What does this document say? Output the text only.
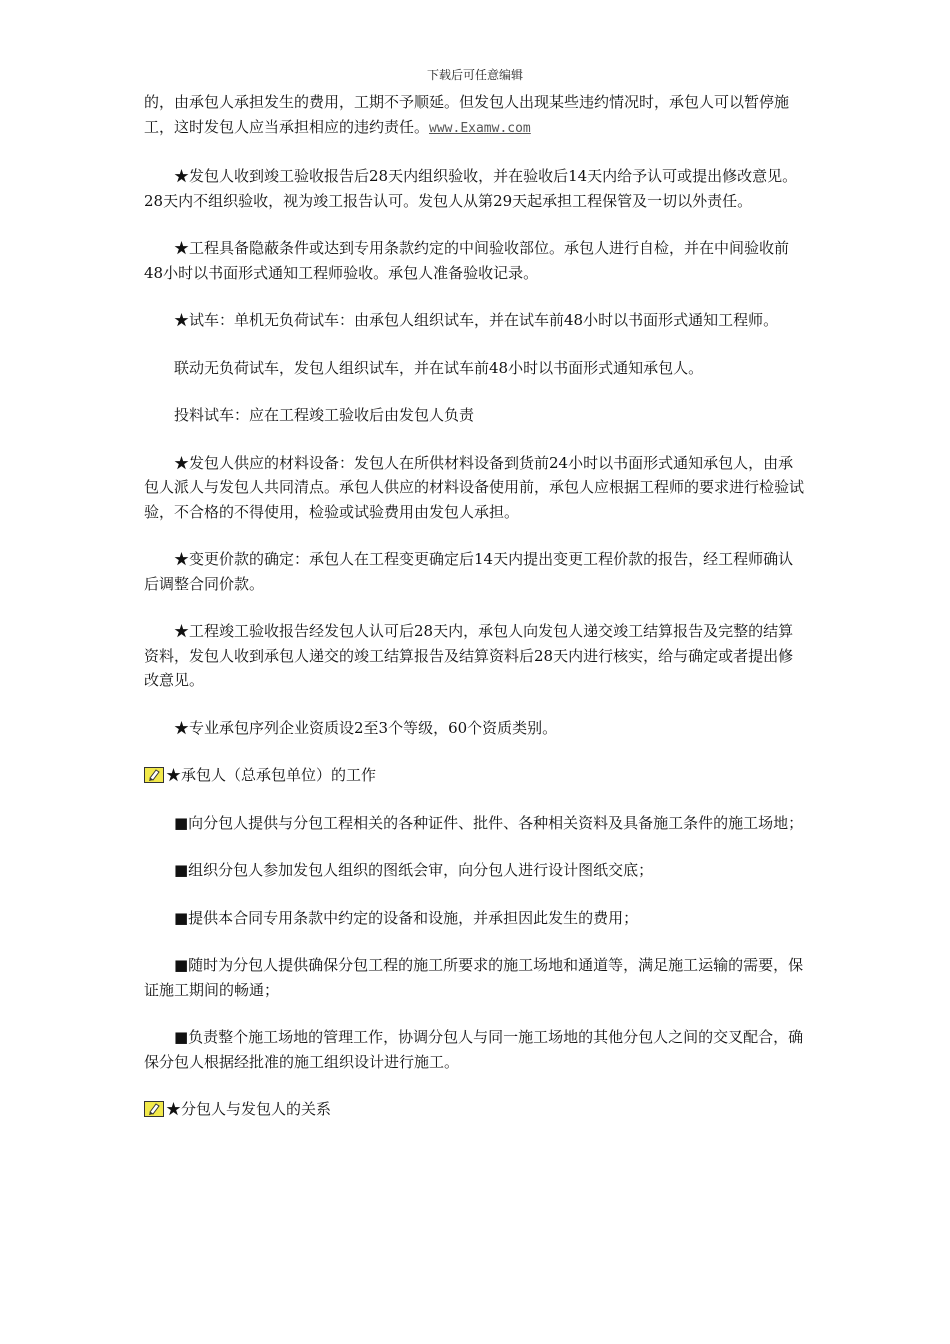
下载后可任意编辑

的，由承包人承担发生的费用，工期不予顺延。但发包人出现某些违约情况时，承包人可以暂停施工，这时发包人应当承担相应的违约责任。www.Examw.com

★发包人收到竣工验收报告后28天内组织验收，并在验收后14天内给予认可或提出修改意见。28天内不组织验收，视为竣工报告认可。发包人从第29天起承担工程保管及一切以外责任。

★工程具备隐蔽条件或达到专用条款约定的中间验收部位。承包人进行自检，并在中间验收前48小时以书面形式通知工程师验收。承包人准备验收记录。

★试车：单机无负荷试车：由承包人组织试车，并在试车前48小时以书面形式通知工程师。

联动无负荷试车，发包人组织试车，并在试车前48小时以书面形式通知承包人。

投料试车：应在工程竣工验收后由发包人负责

★发包人供应的材料设备：发包人在所供材料设备到货前24小时以书面形式通知承包人，由承包人派人与发包人共同清点。承包人供应的材料设备使用前，承包人应根据工程师的要求进行检验试验，不合格的不得使用，检验或试验费用由发包人承担。

★变更价款的确定：承包人在工程变更确定后14天内提出变更工程价款的报告，经工程师确认后调整合同价款。

★工程竣工验收报告经发包人认可后28天内，承包人向发包人递交竣工结算报告及完整的结算资料，发包人收到承包人递交的竣工结算报告及结算资料后28天内进行核实，给与确定或者提出修改意见。

★专业承包序列企业资质设2至3个等级，60个资质类别。

★承包人（总承包单位）的工作

■向分包人提供与分包工程相关的各种证件、批件、各种相关资料及具备施工条件的施工场地；

■组织分包人参加发包人组织的图纸会审，向分包人进行设计图纸交底；

■提供本合同专用条款中约定的设备和设施，并承担因此发生的费用；

■随时为分包人提供确保分包工程的施工所要求的施工场地和通道等，满足施工运输的需要，保证施工期间的畅通；

■负责整个施工场地的管理工作，协调分包人与同一施工场地的其他分包人之间的交叉配合，确保分包人根据经批准的施工组织设计进行施工。

★分包人与发包人的关系
